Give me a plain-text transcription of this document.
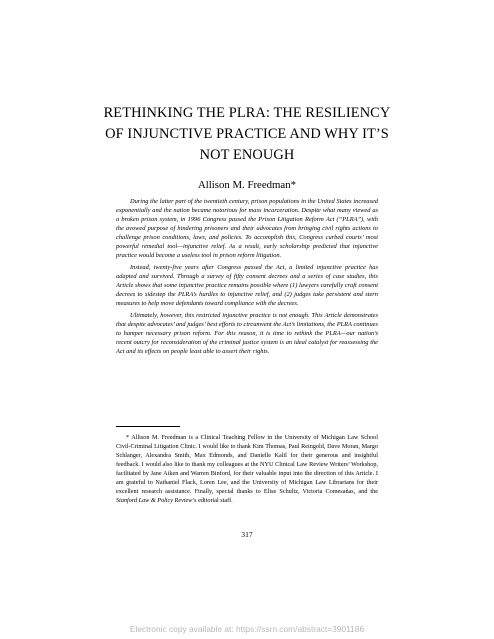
RETHINKING THE PLRA: THE RESILIENCY
OF INJUNCTIVE PRACTICE AND WHY IT’S
NOT ENOUGH
Allison M. Freedman*

During the latter part of the twentieth century, prison populations in the United States increased exponentially and the nation became notorious for mass incarceration. Despite what many viewed as a broken prison system, in 1996 Congress passed the Prison Litigation Reform Act (“PLRA”), with the avowed purpose of hindering prisoners and their advocates from bringing civil rights actions to challenge prison conditions, laws, and policies. To accomplish this, Congress curbed courts’ most powerful remedial tool—injunctive relief. As a result, early scholarship predicted that injunctive practice would become a useless tool in prison reform litigation.

Instead, twenty-five years after Congress passed the Act, a limited injunctive practice has adapted and survived. Through a survey of fifty consent decrees and a series of case studies, this Article shows that some injunctive practice remains possible where (1) lawyers carefully craft consent decrees to sidestep the PLRA’s hurdles to injunctive relief, and (2) judges take persistent and stern measures to help move defendants toward compliance with the decrees.

Ultimately, however, this restricted injunctive practice is not enough. This Article demonstrates that despite advocates’ and judges’ best efforts to circumvent the Act’s limitations, the PLRA continues to hamper necessary prison reform. For this reason, it is time to rethink the PLRA—our nation’s recent outcry for reconsideration of the criminal justice system is an ideal catalyst for reassessing the Act and its effects on people least able to assert their rights.

* Allison M. Freedman is a Clinical Teaching Fellow in the University of Michigan Law School Civil-Criminal Litigation Clinic. I would like to thank Kim Thomas, Paul Reingold, Dave Moran, Margo Schlanger, Alexandra Smith, Max Edmonds, and Danielle Kalil for their generous and insightful feedback. I would also like to thank my colleagues at the NYU Clinical Law Review Writers’ Workshop, facilitated by Jane Aiken and Warren Binford, for their valuable input into the direction of this Article. I am grateful to Nathaniel Flack, Loren Lee, and the University of Michigan Law Librarians for their excellent research assistance. Finally, special thanks to Elise Schultz, Victoria Comesañas, and the Stanford Law & Policy Review’s editorial staff.
317
Electronic copy available at: https://ssrn.com/abstract=3901186
